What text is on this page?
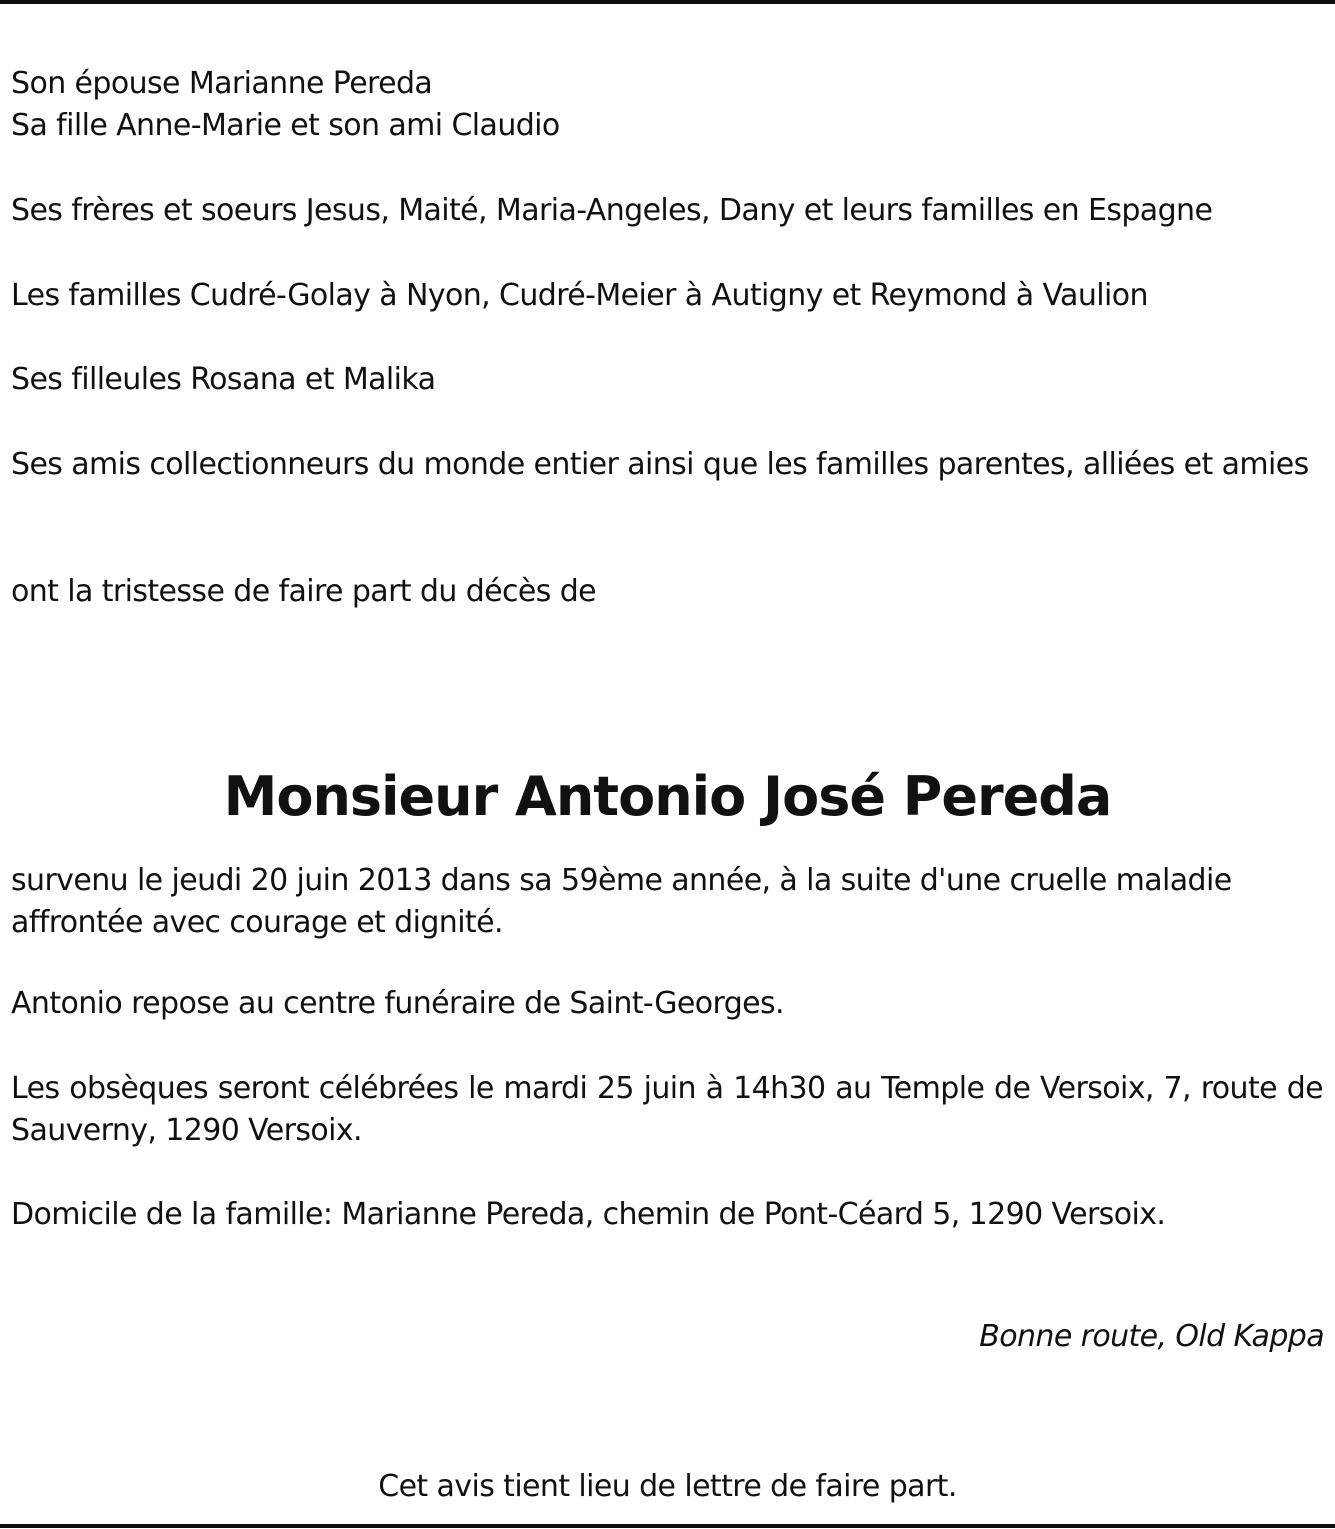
Son épouse Marianne Pereda
Sa fille Anne-Marie et son ami Claudio
Ses frères et soeurs Jesus, Maité, Maria-Angeles, Dany et leurs familles en Espagne
Les familles Cudré-Golay à Nyon, Cudré-Meier à Autigny et Reymond à Vaulion
Ses filleules Rosana et Malika
Ses amis collectionneurs du monde entier ainsi que les familles parentes, alliées et amies
ont la tristesse de faire part du décès de
Monsieur Antonio José Pereda
survenu le jeudi 20 juin 2013 dans sa 59ème année, à la suite d'une cruelle maladie affrontée avec courage et dignité.
Antonio repose au centre funéraire de Saint-Georges.
Les obsèques seront célébrées le mardi 25 juin à 14h30 au Temple de Versoix, 7, route de Sauverny, 1290 Versoix.
Domicile de la famille: Marianne Pereda, chemin de Pont-Céard 5, 1290 Versoix.
Bonne route, Old Kappa
Cet avis tient lieu de lettre de faire part.
